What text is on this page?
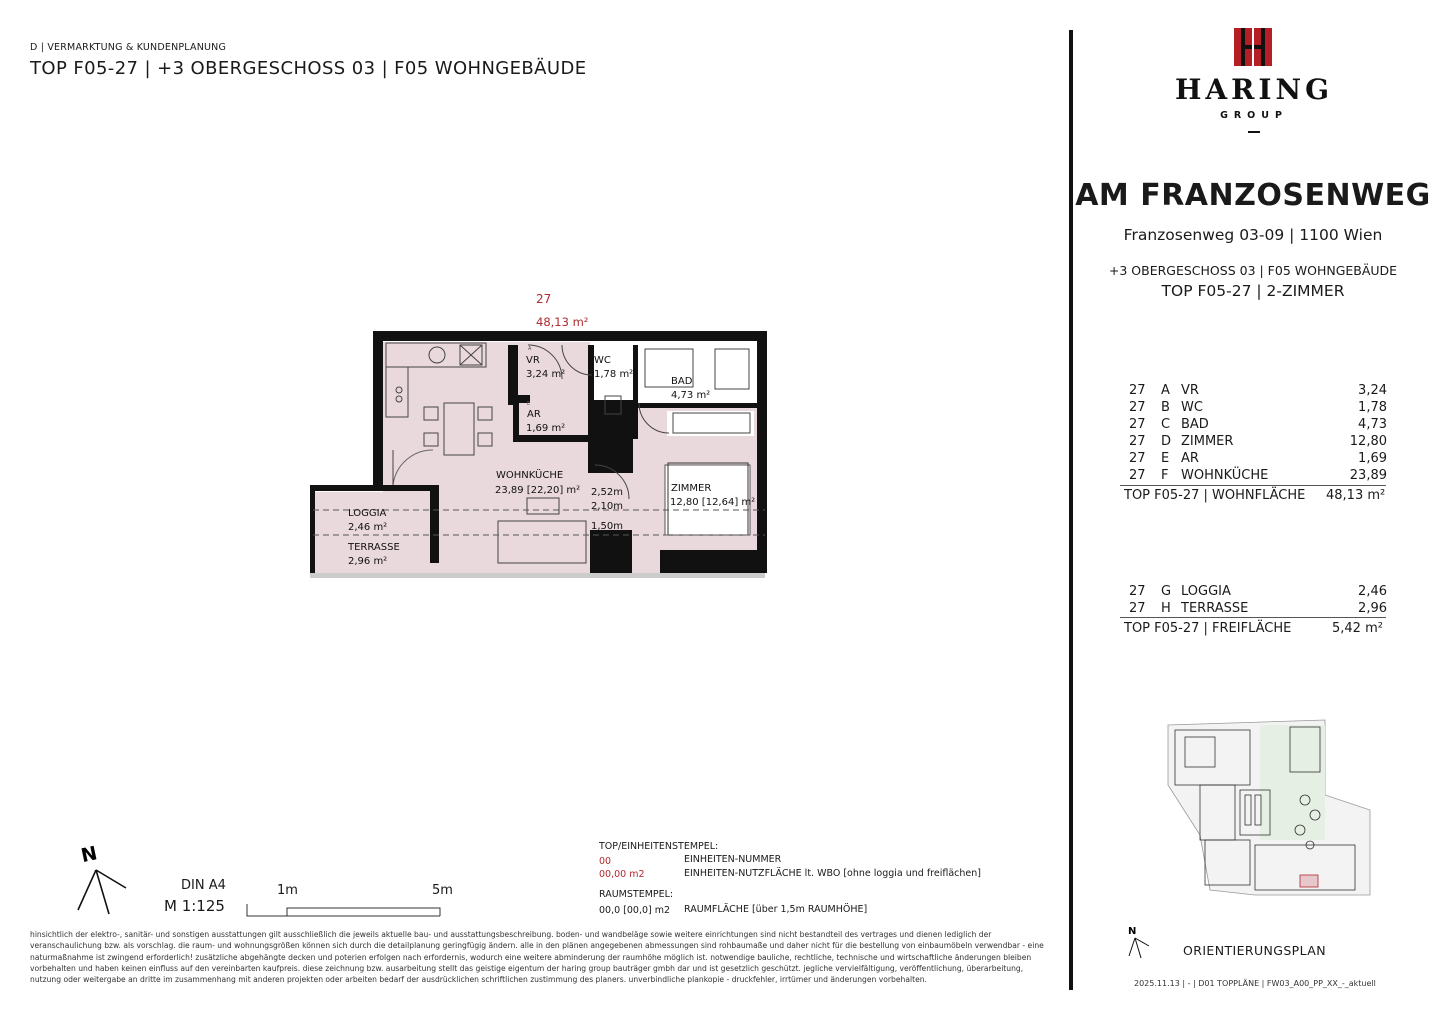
D | VERMARKTUNG & KUNDENPLANUNG
TOP F05-27 | +3 OBERGESCHOSS 03 | F05 WOHNGEBÄUDE
27
48,13 m²
VR
3,24 m²
WC
1,78 m²
BAD
4,73 m²
AR
1,69 m²
WOHNKÜCHE
23,89 [22,20] m²	ZIMMER
12,80 [12,64] m²
LOGGIA
2,46 m²
TERRASSE
2,96 m²
2,52m
2,10m
1,50m
A
E
TOP/EINHEITENSTEMPEL:
00	EINHEITEN-NUMMER
00,00 m2	EINHEITEN-NUTZFLÄCHE lt. WBO [ohne loggia und freiflächen]
RAUMSTEMPEL:
00,0 [00,0] m2 RAUMFLÄCHE [über 1,5m RAUMHÖHE]
N
DIN A4
M 1:125
1m	5m
hinsichtlich der elektro-, sanitär- und sonstigen ausstattungen gilt ausschließlich die jeweils aktuelle bau- und ausstattungsbeschreibung. boden- und wandbeläge sowie weitere einrichtungen sind nicht bestandteil des vertrages und dienen lediglich der veranschaulichung bzw. als vorschlag. die raum- und wohnungsgrößen können sich durch die detailplanung geringfügig ändern. alle in den plänen angegebenen abmessungen sind rohbaumaße und daher nicht für die bestellung von einbaumöbeln verwendbar - eine naturmaßnahme ist zwingend erforderlich! zusätzliche abgehängte decken und poterien erfolgen nach erfordernis, wodurch eine weitere abminderung der raumhöhe möglich ist. notwendige bauliche, rechtliche, technische und wirtschaftliche änderungen bleiben vorbehalten und haben keinen einfluss auf den vereinbarten kaufpreis. diese zeichnung bzw. ausarbeitung stellt das geistige eigentum der haring group bauträger gmbh dar und ist gesetzlich geschützt. jegliche vervielfältigung, veröffentlichung, überarbeitung, nutzung oder weitergabe an dritte im zusammenhang mit anderen projekten oder arbeiten bedarf der ausdrücklichen schriftlichen zustimmung des planers. unverbindliche plankopie - druckfehler, irrtümer und änderungen vorbehalten.
HARING
GROUP
AM FRANZOSENWEG
Franzosenweg 03-09 | 1100 Wien
+3 OBERGESCHOSS 03 | F05 WOHNGEBÄUDE
TOP F05-27 | 2-ZIMMER
27	A	VR	3,24
27	B	WC	1,78
27	C	BAD	4,73
27	D	ZIMMER	12,80
27	E	AR	1,69
27	F	WOHNKÜCHE	23,89
TOP F05-27 | WOHNFLÄCHE 48,13 m²
27	G	LOGGIA	2,46
27	H	TERRASSE	2,96
TOP F05-27 | FREIFLÄCHE	5,42 m²
N
ORIENTIERUNGSPLAN
2025.11.13 | - | D01 TOPPLÄNE | FW03_A00_PP_XX_-_aktuell
